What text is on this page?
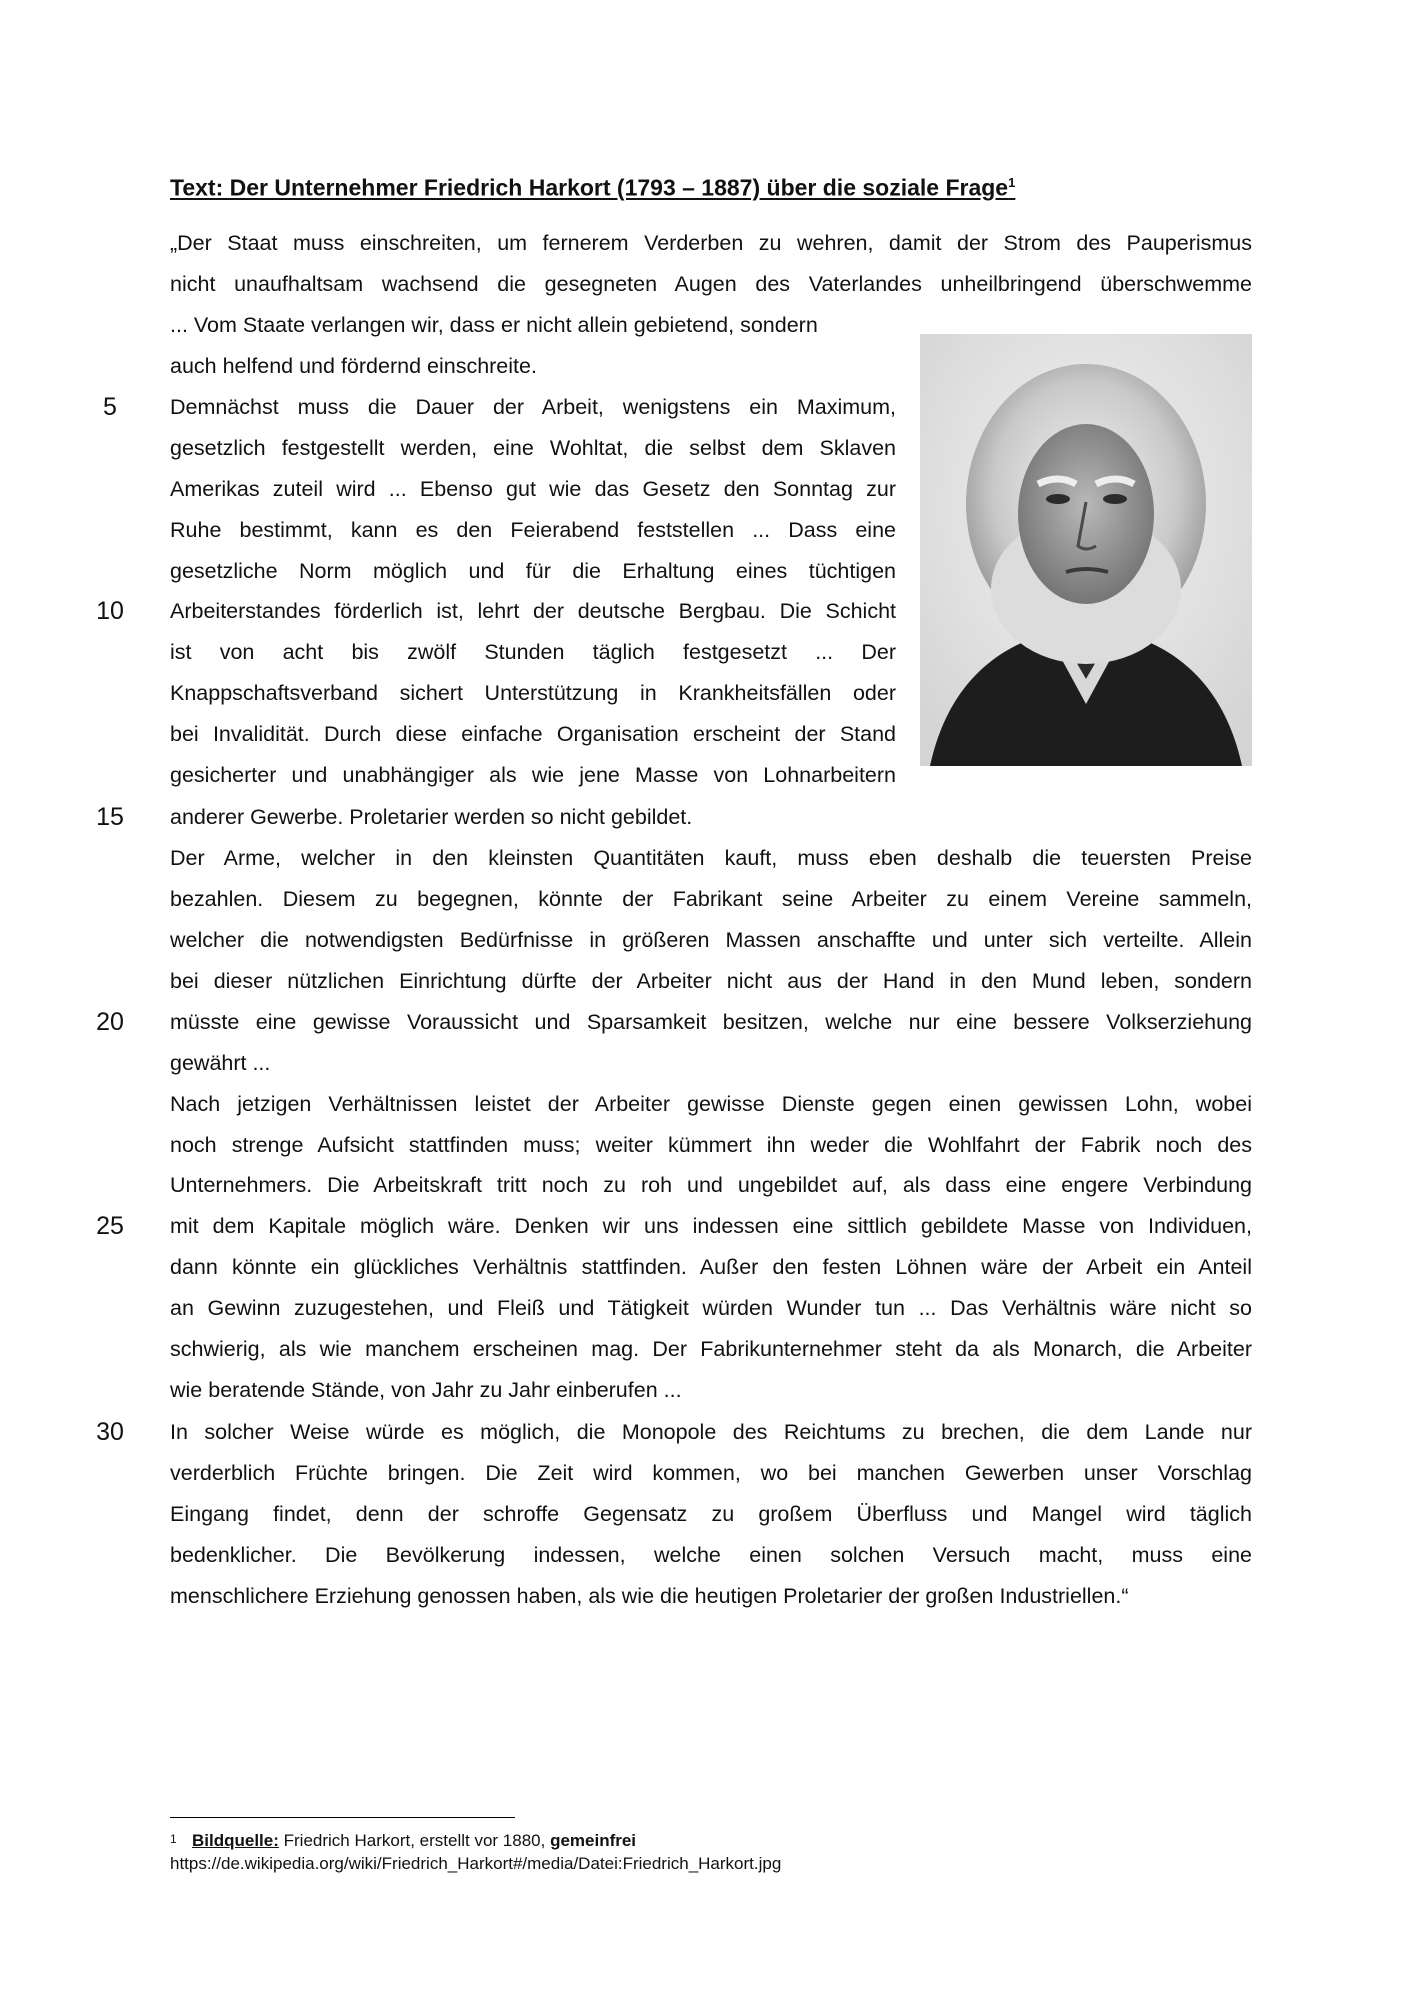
Text: Der Unternehmer Friedrich Harkort (1793 – 1887) über die soziale Frage$^1$
5
10
15
20
25
30
„Der Staat muss einschreiten, um fernerem Verderben zu wehren, damit der Strom des Pauperismus
nicht unaufhaltsam wachsend die gesegneten Augen des Vaterlandes unheilbringend überschwemme
... Vom Staate verlangen wir, dass er nicht allein gebietend, sondern
auch helfend und fördernd einschreite.
Demnächst muss die Dauer der Arbeit, wenigstens ein Maximum,
gesetzlich festgestellt werden, eine Wohltat, die selbst dem Sklaven
Amerikas zuteil wird ... Ebenso gut wie das Gesetz den Sonntag zur
Ruhe bestimmt, kann es den Feierabend feststellen ... Dass eine
gesetzliche Norm möglich und für die Erhaltung eines tüchtigen
Arbeiterstandes förderlich ist, lehrt der deutsche Bergbau. Die Schicht
ist von acht bis zwölf Stunden täglich festgesetzt ... Der
Knappschaftsverband sichert Unterstützung in Krankheitsfällen oder
bei Invalidität. Durch diese einfache Organisation erscheint der Stand
gesicherter und unabhängiger als wie jene Masse von Lohnarbeitern
anderer Gewerbe. Proletarier werden so nicht gebildet.
Der Arme, welcher in den kleinsten Quantitäten kauft, muss eben deshalb die teuersten Preise
bezahlen. Diesem zu begegnen, könnte der Fabrikant seine Arbeiter zu einem Vereine sammeln,
welcher die notwendigsten Bedürfnisse in größeren Massen anschaffte und unter sich verteilte. Allein
bei dieser nützlichen Einrichtung dürfte der Arbeiter nicht aus der Hand in den Mund leben, sondern
müsste eine gewisse Voraussicht und Sparsamkeit besitzen, welche nur eine bessere Volkserziehung
gewährt ...
Nach jetzigen Verhältnissen leistet der Arbeiter gewisse Dienste gegen einen gewissen Lohn, wobei
noch strenge Aufsicht stattfinden muss; weiter kümmert ihn weder die Wohlfahrt der Fabrik noch des
Unternehmers. Die Arbeitskraft tritt noch zu roh und ungebildet auf, als dass eine engere Verbindung
mit dem Kapitale möglich wäre. Denken wir uns indessen eine sittlich gebildete Masse von Individuen,
dann könnte ein glückliches Verhältnis stattfinden. Außer den festen Löhnen wäre der Arbeit ein Anteil
an Gewinn zuzugestehen, und Fleiß und Tätigkeit würden Wunder tun ... Das Verhältnis wäre nicht so
schwierig, als wie manchem erscheinen mag. Der Fabrikunternehmer steht da als Monarch, die Arbeiter
wie beratende Stände, von Jahr zu Jahr einberufen ...
In solcher Weise würde es möglich, die Monopole des Reichtums zu brechen, die dem Lande nur
verderblich Früchte bringen. Die Zeit wird kommen, wo bei manchen Gewerben unser Vorschlag
Eingang findet, denn der schroffe Gegensatz zu großem Überfluss und Mangel wird täglich
bedenklicher. Die Bevölkerung indessen, welche einen solchen Versuch macht, muss eine
menschlichere Erziehung genossen haben, als wie die heutigen Proletarier der großen Industriellen.“
1 Bildquelle: Friedrich Harkort, erstellt vor 1880, gemeinfrei
https://de.wikipedia.org/wiki/Friedrich_Harkort#/media/Datei:Friedrich_Harkort.jpg
